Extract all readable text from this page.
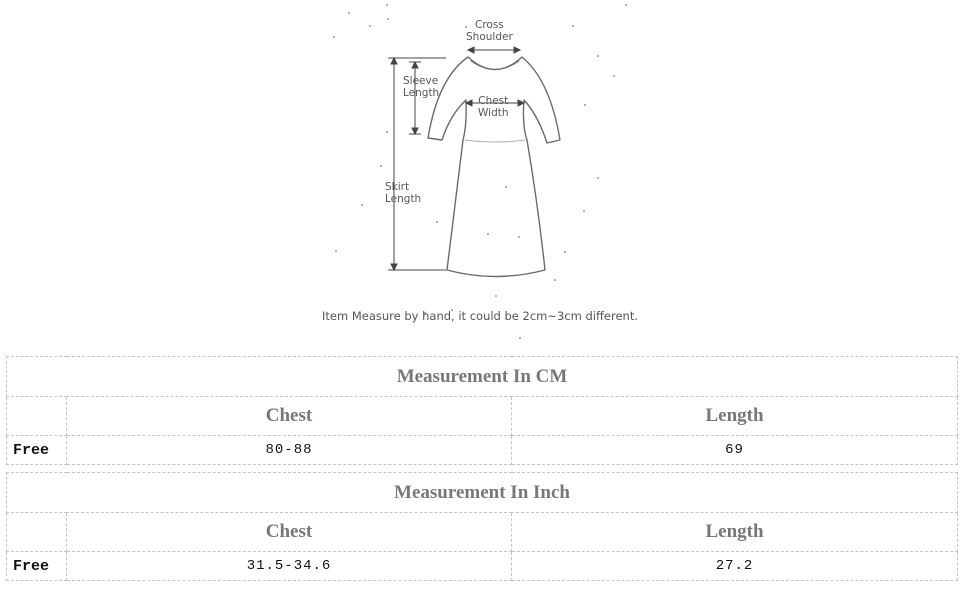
Cross
Shoulder
Sleeve
Length
Chest
Width
Skirt
Length
Item Measure by hand, it could be 2cm~3cm different.
Measurement In CM		
	Chest	Length
Free	80-88	69
Measurement In Inch		
	Chest	Length
Free	31.5-34.6	27.2
